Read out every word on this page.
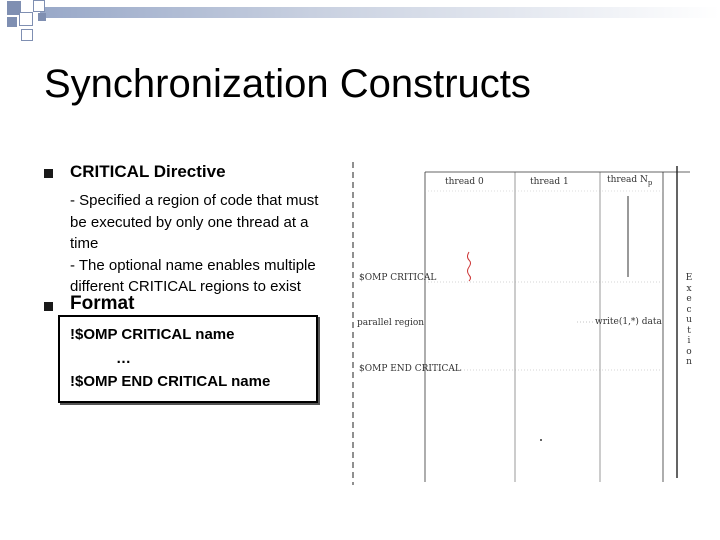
Synchronization Constructs
CRITICAL Directive
- Specified a region of code that must
be executed by only one thread at a
time
- The optional name enables multiple
different CRITICAL regions to exist
Format
!$OMP CRITICAL name
…
!$OMP END CRITICAL name
thread 0	thread 1	thread $N_p$
$OMP CRITICAL
parallel region
$OMP END CRITICAL
write(1,*) data
E
x
e
c
u
t
i
o
n
